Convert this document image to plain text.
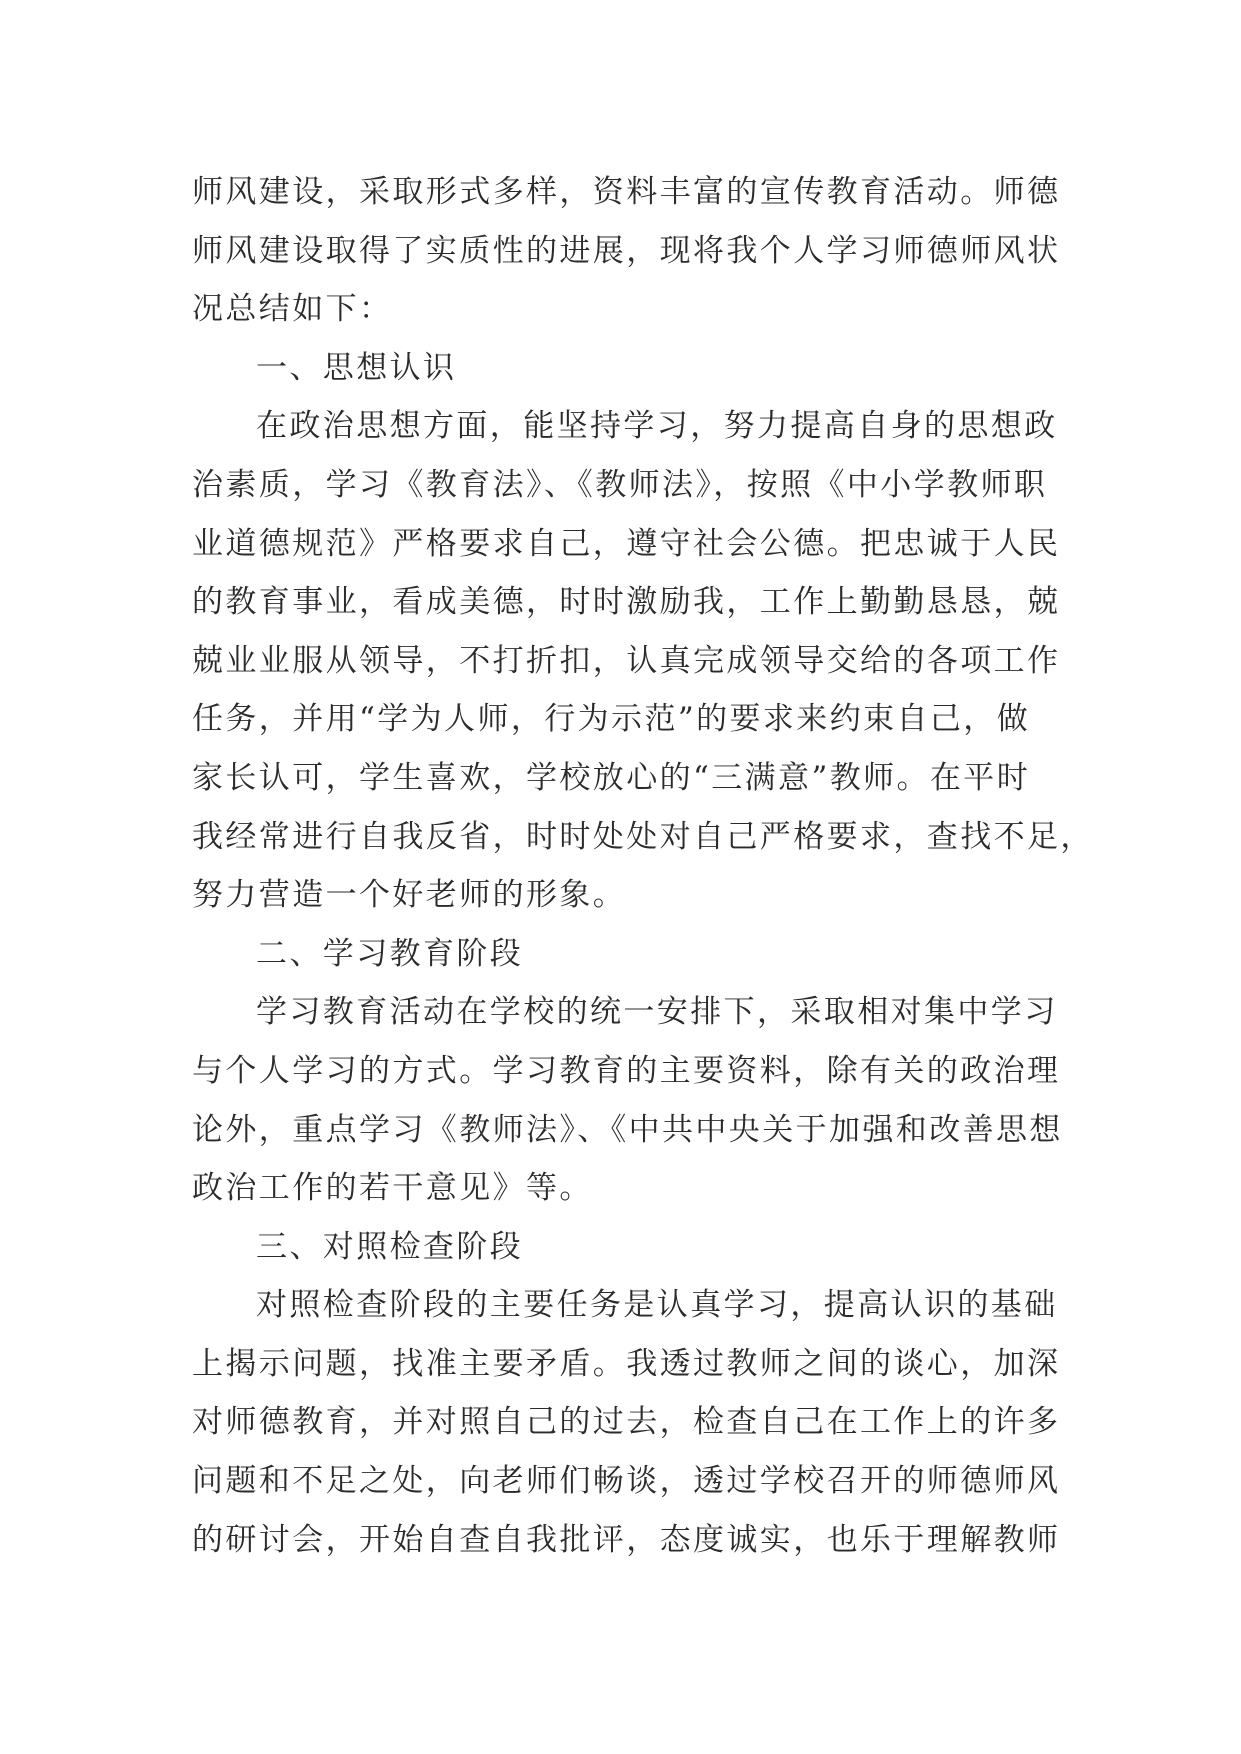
师风建设，采取形式多样，资料丰富的宣传教育活动。师德
师风建设取得了实质性的进展，现将我个人学习师德师风状
况总结如下：
一、思想认识
在政治思想方面，能坚持学习，努力提高自身的思想政
治素质，学习《教育法》、《教师法》，按照《中小学教师职
业道德规范》严格要求自己，遵守社会公德。把忠诚于人民
的教育事业，看成美德，时时激励我，工作上勤勤恳恳，兢
兢业业服从领导，不打折扣，认真完成领导交给的各项工作
任务，并用“学为人师，行为示范”的要求来约束自己，做
家长认可，学生喜欢，学校放心的“三满意”教师。在平时
我经常进行自我反省，时时处处对自己严格要求，查找不足，
努力营造一个好老师的形象。
二、学习教育阶段
学习教育活动在学校的统一安排下，采取相对集中学习
与个人学习的方式。学习教育的主要资料，除有关的政治理
论外，重点学习《教师法》、《中共中央关于加强和改善思想
政治工作的若干意见》等。
三、对照检查阶段
对照检查阶段的主要任务是认真学习，提高认识的基础
上揭示问题，找准主要矛盾。我透过教师之间的谈心，加深
对师德教育，并对照自己的过去，检查自己在工作上的许多
问题和不足之处，向老师们畅谈，透过学校召开的师德师风
的研讨会，开始自查自我批评，态度诚实，也乐于理解教师
